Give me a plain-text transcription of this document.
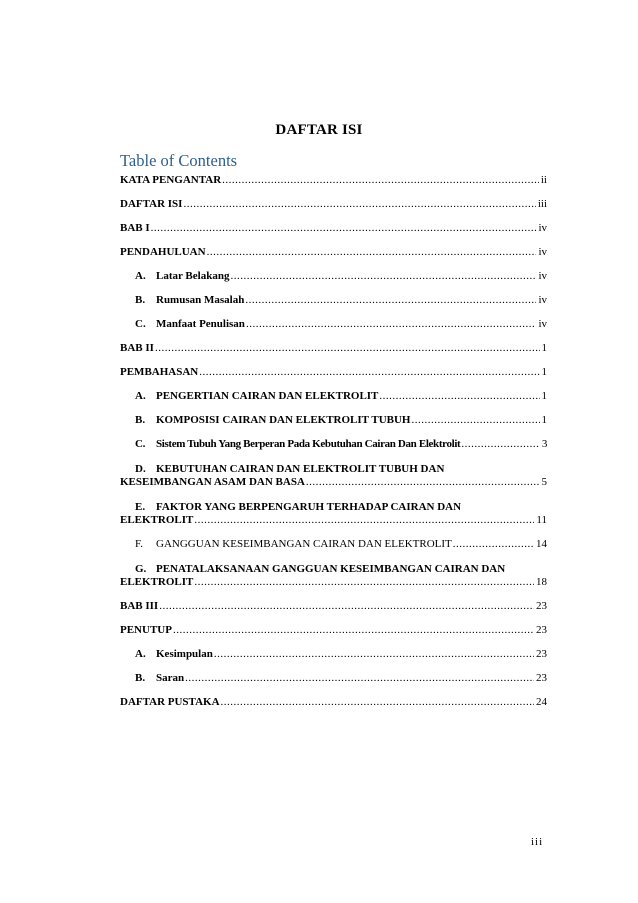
DAFTAR ISI
Table of Contents
KATA PENGANTAR .....	ii
DAFTAR ISI .....	iii
BAB I .....	iv
PENDAHULUAN .....	iv
A. Latar Belakang .....	iv
B. Rumusan Masalah .....	iv
C. Manfaat Penulisan .....	iv
BAB II .....	1
PEMBAHASAN .....	1
A. PENGERTIAN CAIRAN DAN ELEKTROLIT .....	1
B. KOMPOSISI CAIRAN DAN ELEKTROLIT TUBUH .....	1
C. Sistem Tubuh Yang Berperan Pada Kebutuhan Cairan Dan Elektrolit .....	3
D. KEBUTUHAN CAIRAN DAN ELEKTROLIT TUBUH DAN
KESEIMBANGAN ASAM DAN BASA .....	5
E. FAKTOR YANG BERPENGARUH TERHADAP CAIRAN DAN
ELEKTROLIT .....	11
F. GANGGUAN KESEIMBANGAN CAIRAN DAN ELEKTROLIT .....	14
G. PENATALAKSANAAN GANGGUAN KESEIMBANGAN CAIRAN DAN
ELEKTROLIT .....	18
BAB III .....	23
PENUTUP .....	23
A. Kesimpulan .....	23
B. Saran .....	23
DAFTAR PUSTAKA .....	24
iii
